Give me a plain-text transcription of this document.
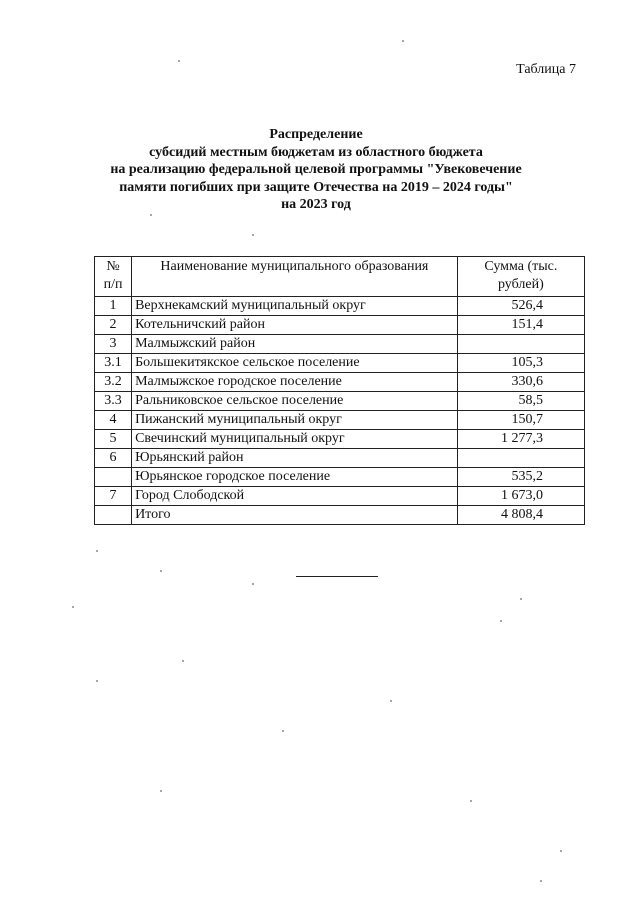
Таблица 7
Распределение
субсидий местным бюджетам из областного бюджета
на реализацию федеральной целевой программы "Увековечение
памяти погибших при защите Отечества на 2019 – 2024 годы"
на 2023 год
№ п/п	Наименование муниципального образования	Сумма (тыс. рублей)

1	Верхнекамский муниципальный округ	526,4

2	Котельничский район	151,4

3	Малмыжский район	

3.1	Большекитякское сельское поселение	105,3

3.2	Малмыжское городское поселение	330,6

3.3	Ральниковское сельское поселение	58,5

4	Пижанский муниципальный округ	150,7

5	Свечинский муниципальный округ	1 277,3

6	Юрьянский район	

	Юрьянское городское поселение	535,2

7	Город Слободской	1 673,0

	Итого	4 808,4
